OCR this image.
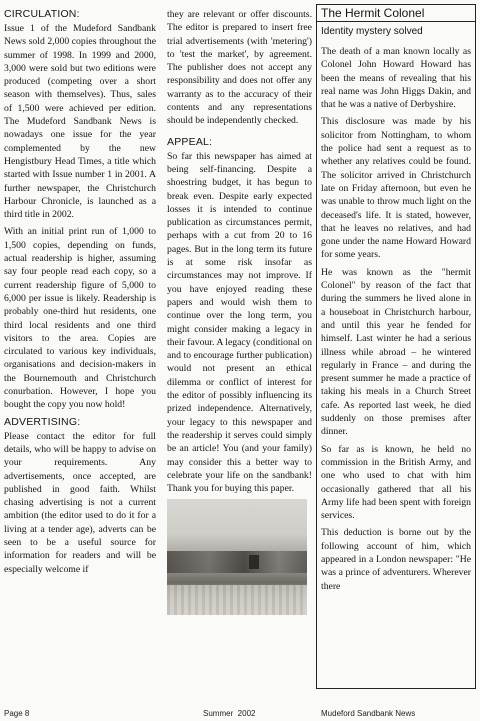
CIRCULATION:

Issue 1 of the Mudeford Sandbank News sold 2,000 copies throughout the summer of 1998. In 1999 and 2000, 3,000 were sold but two editions were produced (competing over a short season with themselves). Thus, sales of 1,500 were achieved per edition. The Mudeford Sandbank News is nowadays one issue for the year complemented by the new Hengistbury Head Times, a title which started with Issue number 1 in 2001. A further newspaper, the Christchurch Harbour Chronicle, is launched as a third title in 2002.

With an initial print run of 1,000 to 1,500 copies, depending on funds, actual readership is higher, assuming say four people read each copy, so a current readership figure of 5,000 to 6,000 per issue is likely. Readership is probably one-third hut residents, one third local residents and one third visitors to the area. Copies are circulated to various key individuals, organisations and decision-makers in the Bournemouth and Christchurch conurbation. However, I hope you bought the copy you now hold!

ADVERTISING:

Please contact the editor for full details, who will be happy to advise on your requirements. Any advertisements, once accepted, are published in good faith. Whilst chasing advertising is not a current ambition (the editor used to do it for a living at a tender age), adverts can be seen to be a useful source for information for readers and will be especially welcome if

they are relevant or offer discounts. The editor is prepared to insert free trial advertisements (with 'metering') to 'test the market', by agreement. The publisher does not accept any responsibility and does not offer any warranty as to the accuracy of their contents and any representations should be independently checked.

APPEAL:

So far this newspaper has aimed at being self-financing. Despite a shoestring budget, it has begun to break even. Despite early expected losses it is intended to continue publication as circumstances permit, perhaps with a cut from 20 to 16 pages. But in the long term its future is at some risk insofar as circumstances may not improve. If you have enjoyed reading these papers and would wish them to continue over the long term, you might consider making a legacy in their favour. A legacy (conditional on and to encourage further publication) would not present an ethical dilemma or conflict of interest for the editor of possibly influencing its prized independence. Alternatively, your legacy to this newspaper and the readership it serves could simply be an article! You (and your family) may consider this a better way to celebrate your life on the sandbank! Thank you for buying this paper.

The Hermit Colonel
Identity mystery solved

The death of a man known locally as Colonel John Howard Howard has been the means of revealing that his real name was John Higgs Dakin, and that he was a native of Derbyshire.

This disclosure was made by his solicitor from Nottingham, to whom the police had sent a request as to whether any relatives could be found. The solicitor arrived in Christchurch late on Friday afternoon, but even he was unable to throw much light on the deceased's life. It is stated, however, that he leaves no relatives, and had gone under the name Howard Howard for some years.

He was known as the "hermit Colonel" by reason of the fact that during the summers he lived alone in a houseboat in Christchurch harbour, and until this year he fended for himself. Last winter he had a serious illness while abroad – he wintered regularly in France – and during the present summer he made a practice of taking his meals in a Church Street cafe. As reported last week, he died suddenly on those premises after dinner.

So far as is known, he held no commission in the British Army, and one who used to chat with him occasionally gathered that all his Army life had been spent with foreign services.

This deduction is borne out by the following account of him, which appeared in a London newspaper: "He was a prince of adventurers. Wherever there

Page 8	Summer  2002	Mudeford Sandbank News
